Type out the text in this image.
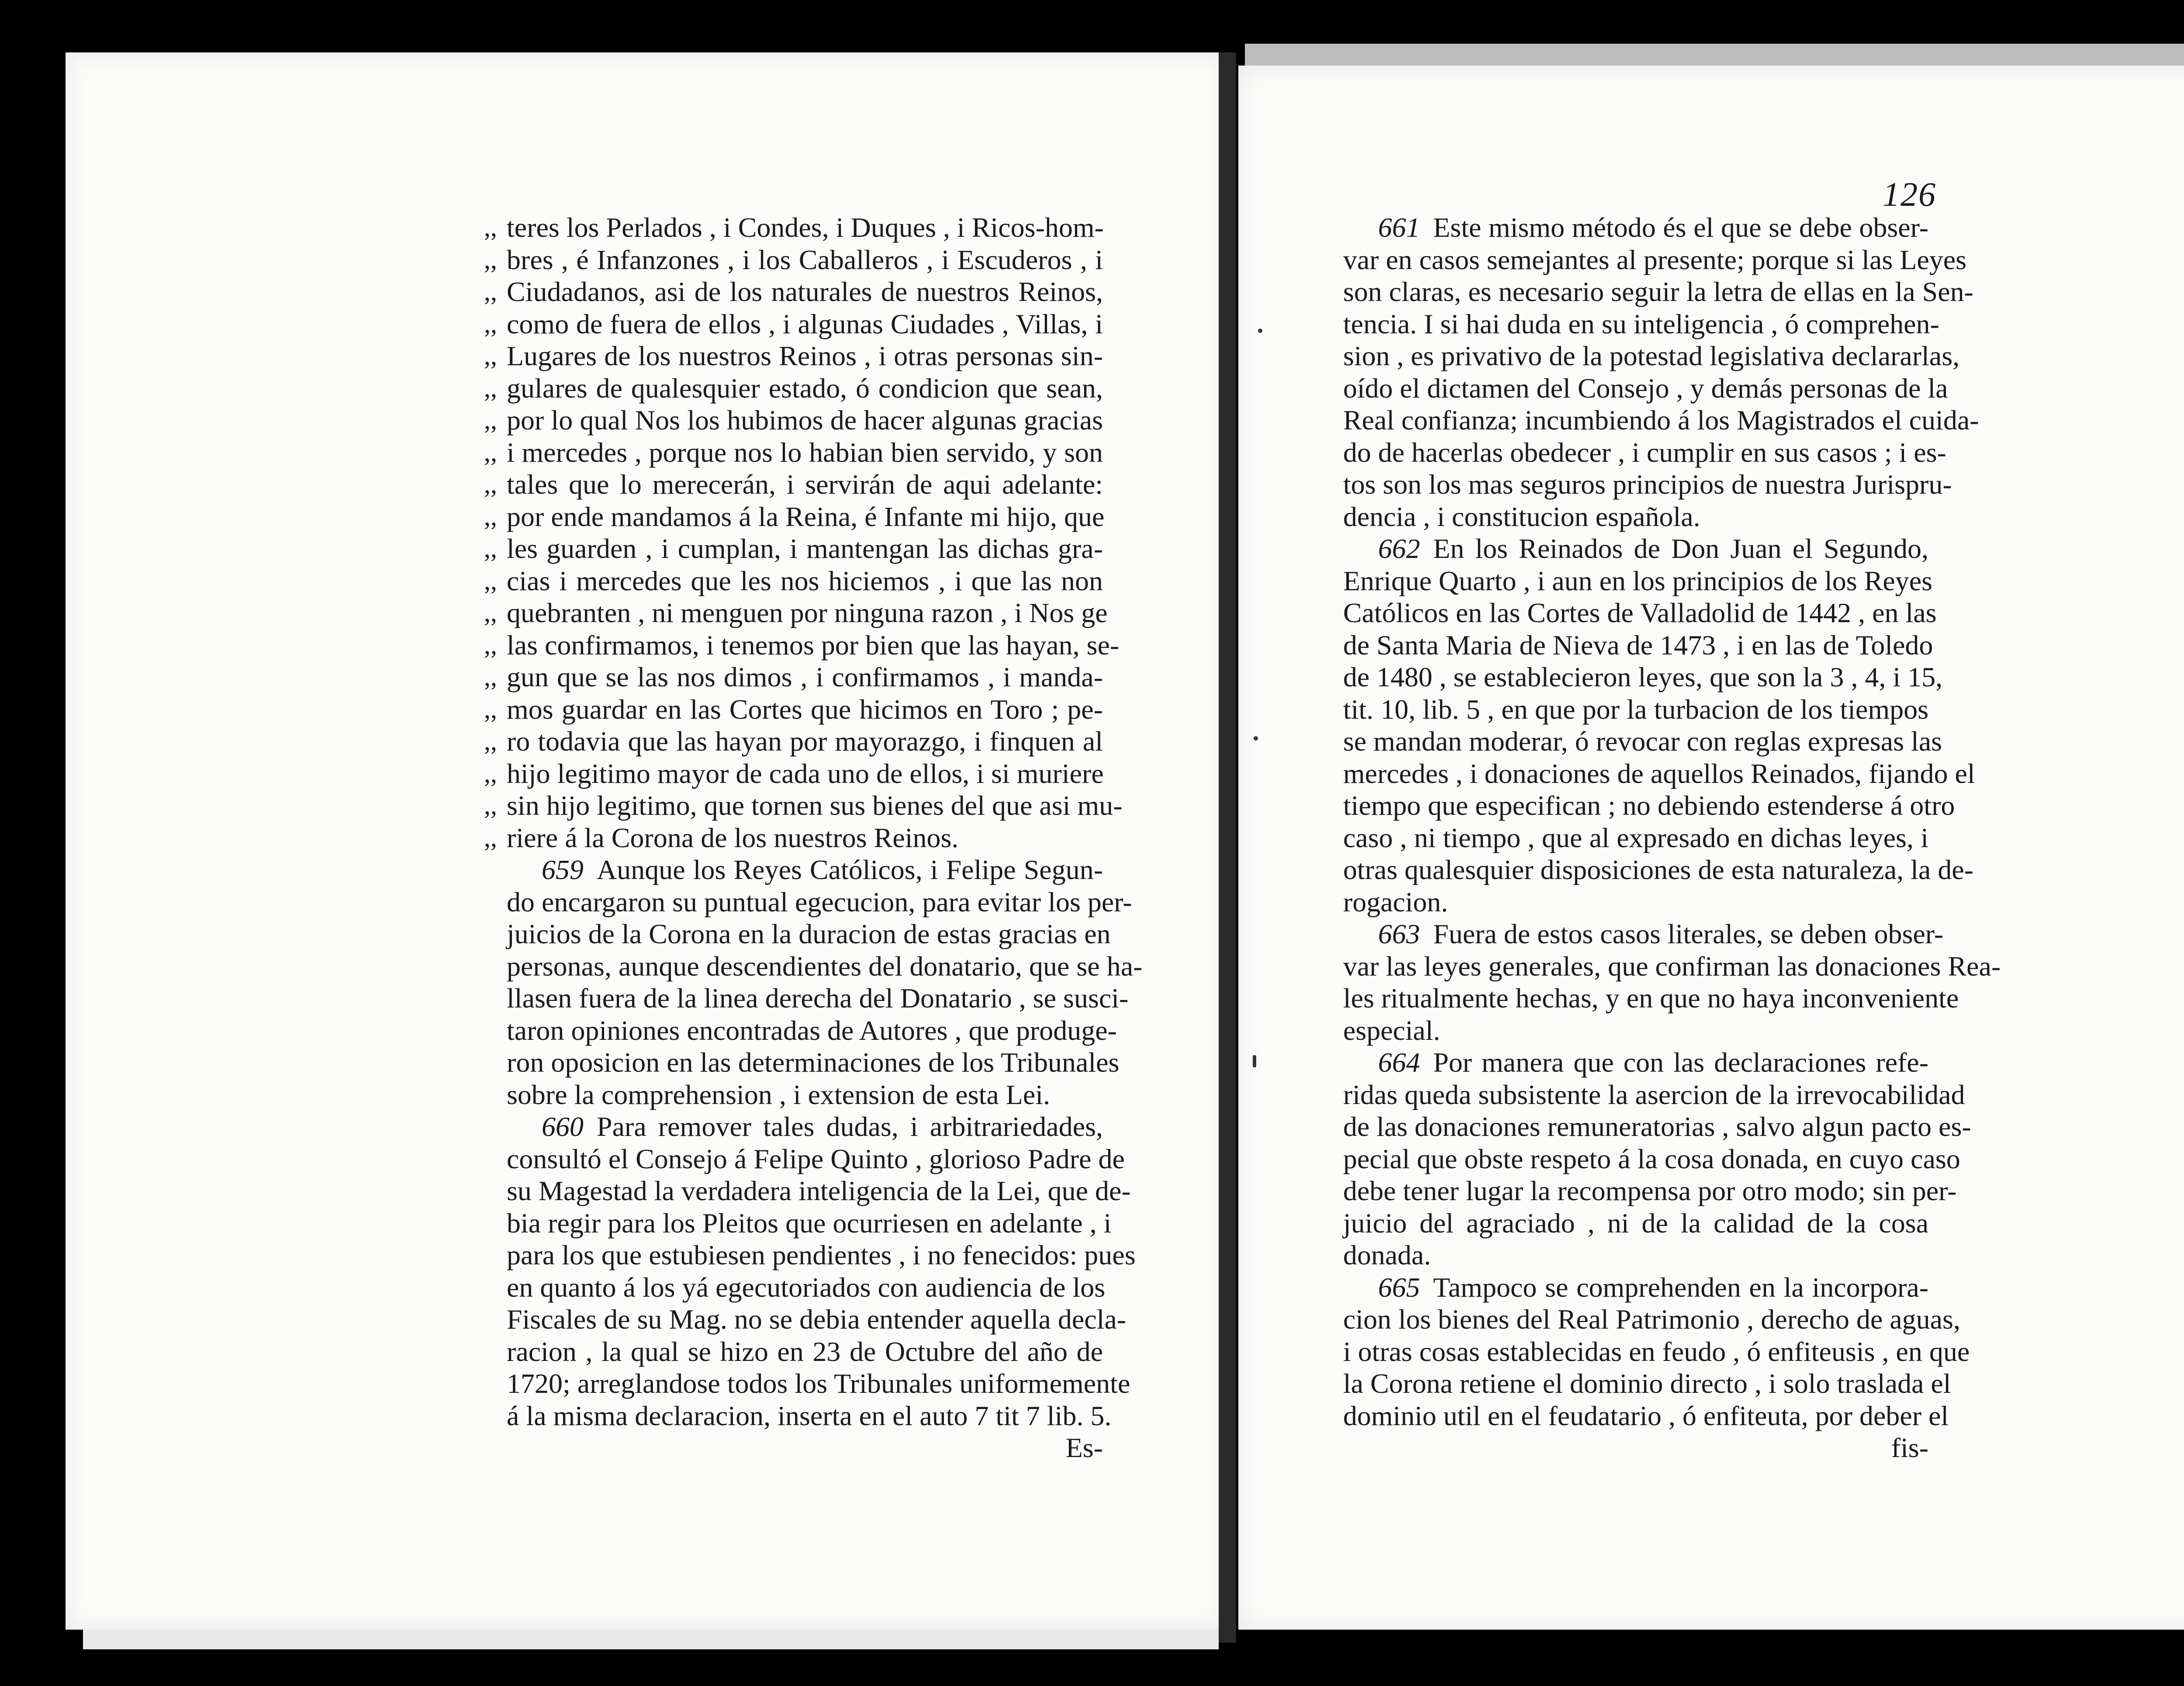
126
,, teres los Perlados , i Condes, i Duques , i Ricos-hom-
,, bres , é Infanzones , i los Caballeros , i Escuderos , i
,, Ciudadanos, asi de los naturales de nuestros Reinos,
,, como de fuera de ellos , i algunas Ciudades , Villas, i
,, Lugares de los nuestros Reinos , i otras personas sin-
,, gulares de qualesquier estado, ó condicion que sean,
,, por lo qual Nos los hubimos de hacer algunas gracias
,, i mercedes , porque nos lo habian bien servido, y son
,, tales que lo merecerán, i servirán de aqui adelante:
,, por ende mandamos á la Reina, é Infante mi hijo, que
,, les guarden , i cumplan, i mantengan las dichas gra-
,, cias i mercedes que les nos hiciemos , i que las non
,, quebranten , ni menguen por ninguna razon , i Nos ge
,, las confirmamos, i tenemos por bien que las hayan, se-
,, gun que se las nos dimos , i confirmamos , i manda-
,, mos guardar en las Cortes que hicimos en Toro ; pe-
,, ro todavia que las hayan por mayorazgo, i finquen al
,, hijo legitimo mayor de cada uno de ellos, i si muriere
,, sin hijo legitimo, que tornen sus bienes del que asi mu-
,, riere á la Corona de los nuestros Reinos.
659 Aunque los Reyes Católicos, i Felipe Segun-
do encargaron su puntual egecucion, para evitar los per-
juicios de la Corona en la duracion de estas gracias en
personas, aunque descendientes del donatario, que se ha-
llasen fuera de la linea derecha del Donatario , se susci-
taron opiniones encontradas de Autores , que produge-
ron oposicion en las determinaciones de los Tribunales
sobre la comprehension , i extension de esta Lei.
660 Para remover tales dudas, i arbitrariedades,
consultó el Consejo á Felipe Quinto , glorioso Padre de
su Magestad la verdadera inteligencia de la Lei, que de-
bia regir para los Pleitos que ocurriesen en adelante , i
para los que estubiesen pendientes , i no fenecidos: pues
en quanto á los yá egecutoriados con audiencia de los
Fiscales de su Mag. no se debia entender aquella decla-
racion , la qual se hizo en 23 de Octubre del año de
1720; arreglandose todos los Tribunales uniformemente
á la misma declaracion, inserta en el auto 7 tit 7 lib. 5.
Es-
661 Este mismo método és el que se debe obser-
var en casos semejantes al presente; porque si las Leyes
son claras, es necesario seguir la letra de ellas en la Sen-
tencia. I si hai duda en su inteligencia , ó comprehen-
sion , es privativo de la potestad legislativa declararlas,
oído el dictamen del Consejo , y demás personas de la
Real confianza; incumbiendo á los Magistrados el cuida-
do de hacerlas obedecer , i cumplir en sus casos ; i es-
tos son los mas seguros principios de nuestra Jurispru-
dencia , i constitucion española.
662 En los Reinados de Don Juan el Segundo,
Enrique Quarto , i aun en los principios de los Reyes
Católicos en las Cortes de Valladolid de 1442 , en las
de Santa Maria de Nieva de 1473 , i en las de Toledo
de 1480 , se establecieron leyes, que son la 3 , 4, i 15,
tit. 10, lib. 5 , en que por la turbacion de los tiempos
se mandan moderar, ó revocar con reglas expresas las
mercedes , i donaciones de aquellos Reinados, fijando el
tiempo que especifican ; no debiendo estenderse á otro
caso , ni tiempo , que al expresado en dichas leyes, i
otras qualesquier disposiciones de esta naturaleza, la de-
rogacion.
663 Fuera de estos casos literales, se deben obser-
var las leyes generales, que confirman las donaciones Rea-
les ritualmente hechas, y en que no haya inconveniente
especial.
664 Por manera que con las declaraciones refe-
ridas queda subsistente la asercion de la irrevocabilidad
de las donaciones remuneratorias , salvo algun pacto es-
pecial que obste respeto á la cosa donada, en cuyo caso
debe tener lugar la recompensa por otro modo; sin per-
juicio del agraciado , ni de la calidad de la cosa
donada.
665 Tampoco se comprehenden en la incorpora-
cion los bienes del Real Patrimonio , derecho de aguas,
i otras cosas establecidas en feudo , ó enfiteusis , en que
la Corona retiene el dominio directo , i solo traslada el
dominio util en el feudatario , ó enfiteuta, por deber el
fis-
